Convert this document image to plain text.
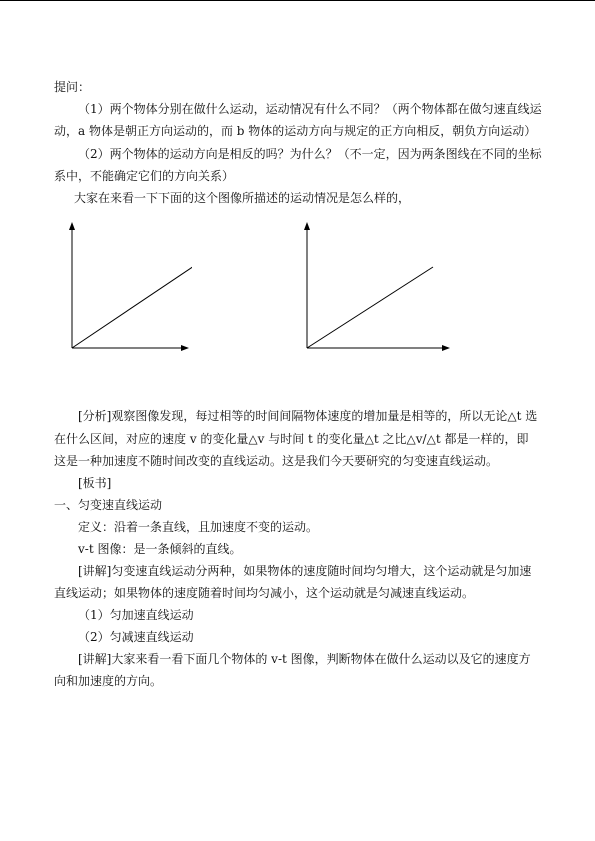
提问：
（1）两个物体分别在做什么运动，运动情况有什么不同？（两个物体都在做匀速直线运
动，a 物体是朝正方向运动的，而 b 物体的运动方向与规定的正方向相反，朝负方向运动）
（2）两个物体的运动方向是相反的吗？为什么？（不一定，因为两条图线在不同的坐标
系中，不能确定它们的方向关系）
大家在来看一下下面的这个图像所描述的运动情况是怎么样的，
[分析]观察图像发现，每过相等的时间间隔物体速度的增加量是相等的，所以无论△t 选
在什么区间，对应的速度 v 的变化量△v 与时间 t 的变化量△t 之比△v/△t 都是一样的，即
这是一种加速度不随时间改变的直线运动。这是我们今天要研究的匀变速直线运动。
[板书]
一、匀变速直线运动
定义：沿着一条直线，且加速度不变的运动。
v-t 图像：是一条倾斜的直线。
[讲解]匀变速直线运动分两种，如果物体的速度随时间均匀增大，这个运动就是匀加速
直线运动；如果物体的速度随着时间均匀减小，这个运动就是匀减速直线运动。
（1）匀加速直线运动
（2）匀减速直线运动
[讲解]大家来看一看下面几个物体的 v-t 图像，判断物体在做什么运动以及它的速度方
向和加速度的方向。
